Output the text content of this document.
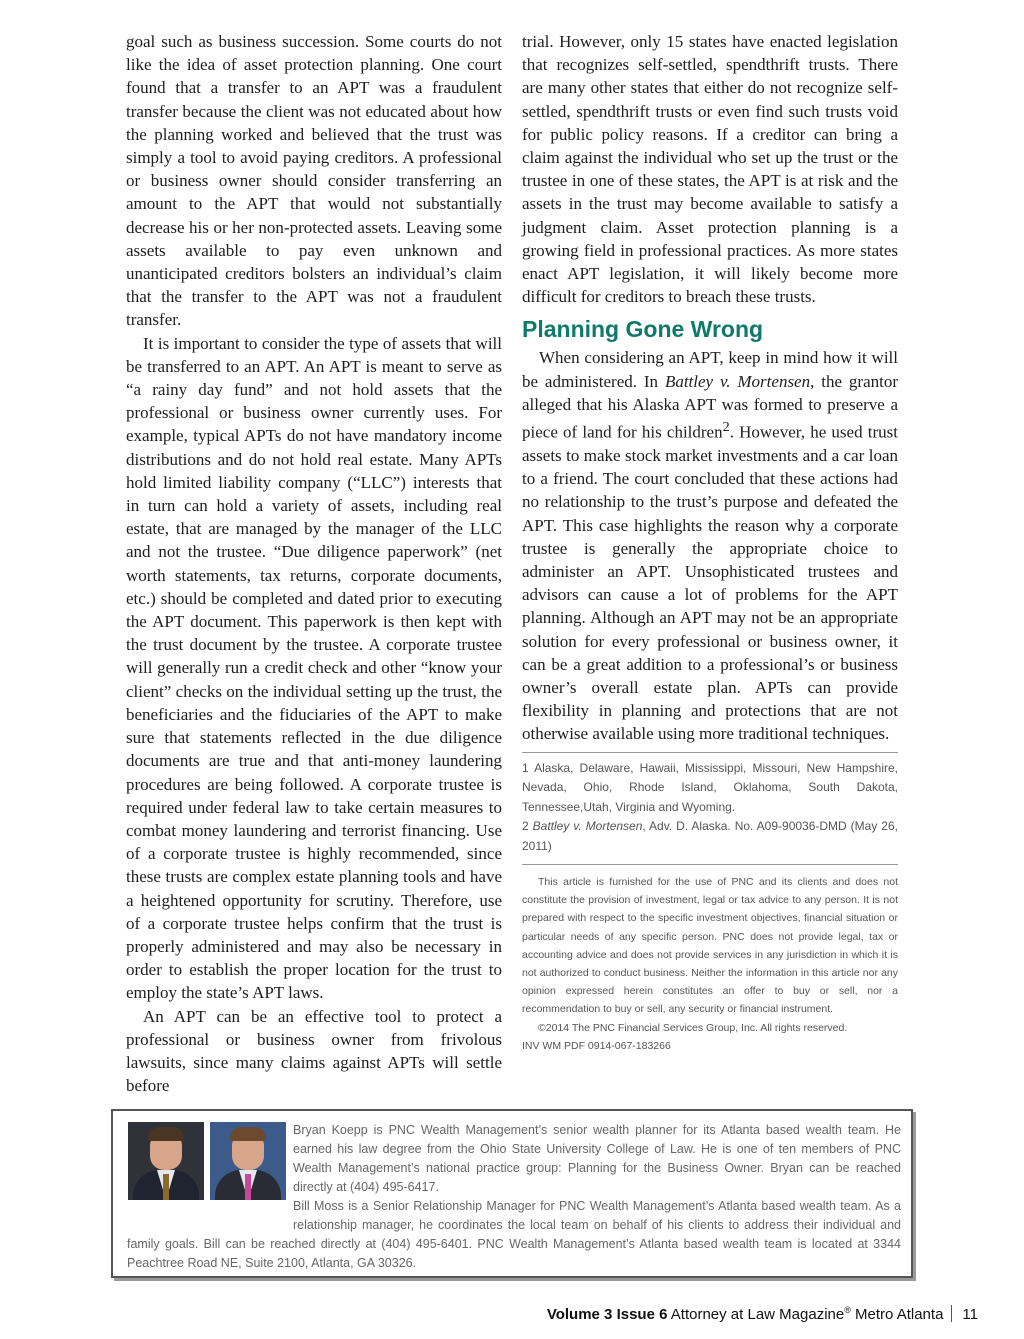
goal such as business succession. Some courts do not like the idea of asset protection planning. One court found that a transfer to an APT was a fraudulent transfer because the client was not educated about how the planning worked and believed that the trust was simply a tool to avoid paying creditors. A professional or business owner should consider transferring an amount to the APT that would not substantially decrease his or her non-protected assets. Leaving some assets available to pay even unknown and unanticipated creditors bolsters an individual’s claim that the transfer to the APT was not a fraudulent transfer.

It is important to consider the type of assets that will be transferred to an APT. An APT is meant to serve as “a rainy day fund” and not hold assets that the professional or business owner currently uses. For example, typical APTs do not have mandatory income distributions and do not hold real estate. Many APTs hold limited liability company (“LLC”) interests that in turn can hold a variety of assets, including real estate, that are managed by the manager of the LLC and not the trustee. “Due diligence paperwork” (net worth statements, tax returns, corporate documents, etc.) should be completed and dated prior to executing the APT document. This paperwork is then kept with the trust document by the trustee. A corporate trustee will generally run a credit check and other “know your client” checks on the individual setting up the trust, the beneficiaries and the fiduciaries of the APT to make sure that statements reflected in the due diligence documents are true and that anti-money laundering procedures are being followed. A corporate trustee is required under federal law to take certain measures to combat money laundering and terrorist financing. Use of a corporate trustee is highly recommended, since these trusts are complex estate planning tools and have a heightened opportunity for scrutiny. Therefore, use of a corporate trustee helps confirm that the trust is properly administered and may also be necessary in order to establish the proper location for the trust to employ the state’s APT laws.

An APT can be an effective tool to protect a professional or business owner from frivolous lawsuits, since many claims against APTs will settle before

trial. However, only 15 states have enacted legislation that recognizes self-settled, spendthrift trusts. There are many other states that either do not recognize self-settled, spendthrift trusts or even find such trusts void for public policy reasons. If a creditor can bring a claim against the individual who set up the trust or the trustee in one of these states, the APT is at risk and the assets in the trust may become available to satisfy a judgment claim. Asset protection planning is a growing field in professional practices. As more states enact APT legislation, it will likely become more difficult for creditors to breach these trusts.

Planning Gone Wrong

When considering an APT, keep in mind how it will be administered. In Battley v. Mortensen, the grantor alleged that his Alaska APT was formed to preserve a piece of land for his children$^2$. However, he used trust assets to make stock market investments and a car loan to a friend. The court concluded that these actions had no relationship to the trust’s purpose and defeated the APT. This case highlights the reason why a corporate trustee is generally the appropriate choice to administer an APT. Unsophisticated trustees and advisors can cause a lot of problems for the APT planning. Although an APT may not be an appropriate solution for every professional or business owner, it can be a great addition to a professional’s or business owner’s overall estate plan. APTs can provide flexibility in planning and protections that are not otherwise available using more traditional techniques.

1 Alaska, Delaware, Hawaii, Mississippi, Missouri, New Hampshire, Nevada, Ohio, Rhode Island, Oklahoma, South Dakota, Tennessee,Utah, Virginia and Wyoming.

2 Battley v. Mortensen, Adv. D. Alaska. No. A09-90036-DMD (May 26, 2011)

This article is furnished for the use of PNC and its clients and does not constitute the provision of investment, legal or tax advice to any person. It is not prepared with respect to the specific investment objectives, financial situation or particular needs of any specific person. PNC does not provide legal, tax or accounting advice and does not provide services in any jurisdiction in which it is not authorized to conduct business. Neither the information in this article nor any opinion expressed herein constitutes an offer to buy or sell, nor a recommendation to buy or sell, any security or financial instrument.

©2014 The PNC Financial Services Group, Inc. All rights reserved.

INV WM PDF 0914-067-183266

Bryan Koepp is PNC Wealth Management’s senior wealth planner for its Atlanta based wealth team. He earned his law degree from the Ohio State University College of Law. He is one of ten members of PNC Wealth Management’s national practice group: Planning for the Business Owner. Bryan can be reached directly at (404) 495-6417.

Bill Moss is a Senior Relationship Manager for PNC Wealth Management’s Atlanta based wealth team. As a relationship manager, he coordinates the local team on behalf of his clients to address their individual and family goals. Bill can be reached directly at (404) 495-6401. PNC Wealth Management’s Atlanta based wealth team is located at 3344 Peachtree Road NE, Suite 2100, Atlanta, GA 30326.

Volume 3 Issue 6 Attorney at Law Magazine® Metro Atlanta 11
